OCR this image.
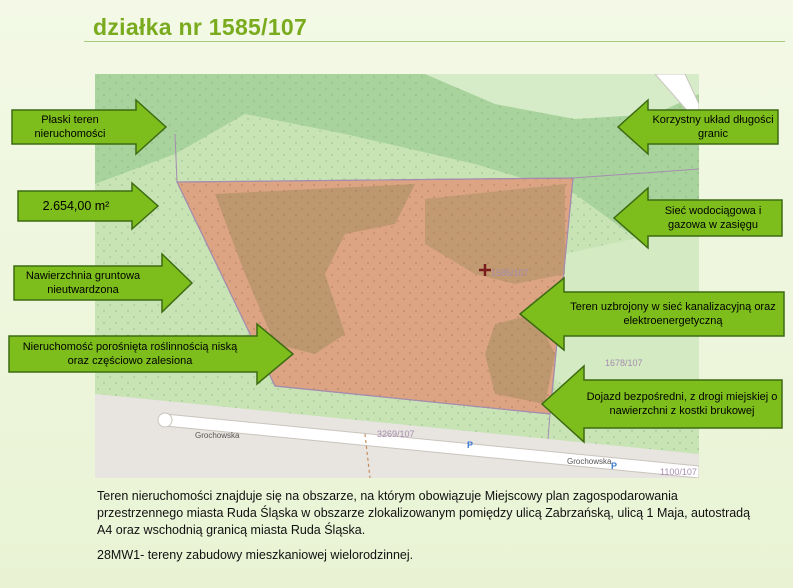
działka nr 1585/107
1585/107
1678/107
3269/107
1100/107
Grochowska
Grochowska
P
P
Płaski teren nieruchomości
2.654,00 m²
Nawierzchnia gruntowa nieutwardzona
Nieruchomość porośnięta roślinnością niską oraz częściowo zalesiona
Korzystny układ długości granic
Sieć wodociągowa i gazowa w zasięgu
Teren uzbrojony w sieć kanalizacyjną oraz elektroenergetyczną
Dojazd bezpośredni, z drogi miejskiej o nawierzchni z kostki brukowej
Teren nieruchomości znajduje się na obszarze, na którym obowiązuje Miejscowy plan zagospodarowania przestrzennego miasta Ruda Śląska w obszarze zlokalizowanym pomiędzy ulicą Zabrzańską, ulicą 1 Maja, autostradą A4 oraz wschodnią granicą miasta Ruda Śląska.
28MW1- tereny zabudowy mieszkaniowej wielorodzinnej.
